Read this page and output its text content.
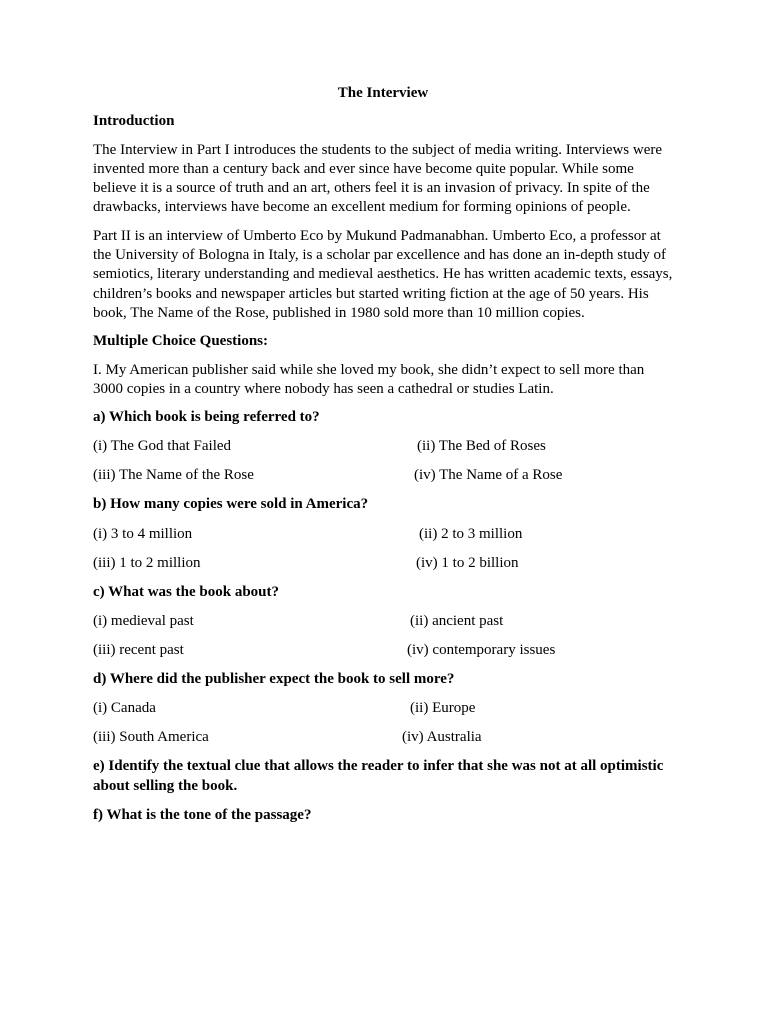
The Interview
Introduction
The Interview in Part I introduces the students to the subject of media writing. Interviews were invented more than a century back and ever since have become quite popular. While some believe it is a source of truth and an art, others feel it is an invasion of privacy. In spite of the drawbacks, interviews have become an excellent medium for forming opinions of people.
Part II is an interview of Umberto Eco by Mukund Padmanabhan. Umberto Eco, a professor at the University of Bologna in Italy, is a scholar par excellence and has done an in-depth study of semiotics, literary understanding and medieval aesthetics. He has written academic texts, essays, children’s books and newspaper articles but started writing fiction at the age of 50 years. His book, The Name of the Rose, published in 1980 sold more than 10 million copies.
Multiple Choice Questions:
I. My American publisher said while she loved my book, she didn’t expect to sell more than 3000 copies in a country where nobody has seen a cathedral or studies Latin.
a) Which book is being referred to?
(i) The God that Failed	(ii) The Bed of Roses
(iii) The Name of the Rose	(iv) The Name of a Rose
b) How many copies were sold in America?
(i) 3 to 4 million	(ii) 2 to 3 million
(iii) 1 to 2 million	(iv) 1 to 2 billion
c) What was the book about?
(i) medieval past	(ii) ancient past
(iii) recent past	(iv) contemporary issues
d) Where did the publisher expect the book to sell more?
(i) Canada	(ii) Europe
(iii) South America	(iv) Australia
e) Identify the textual clue that allows the reader to infer that she was not at all optimistic about selling the book.
f) What is the tone of the passage?
